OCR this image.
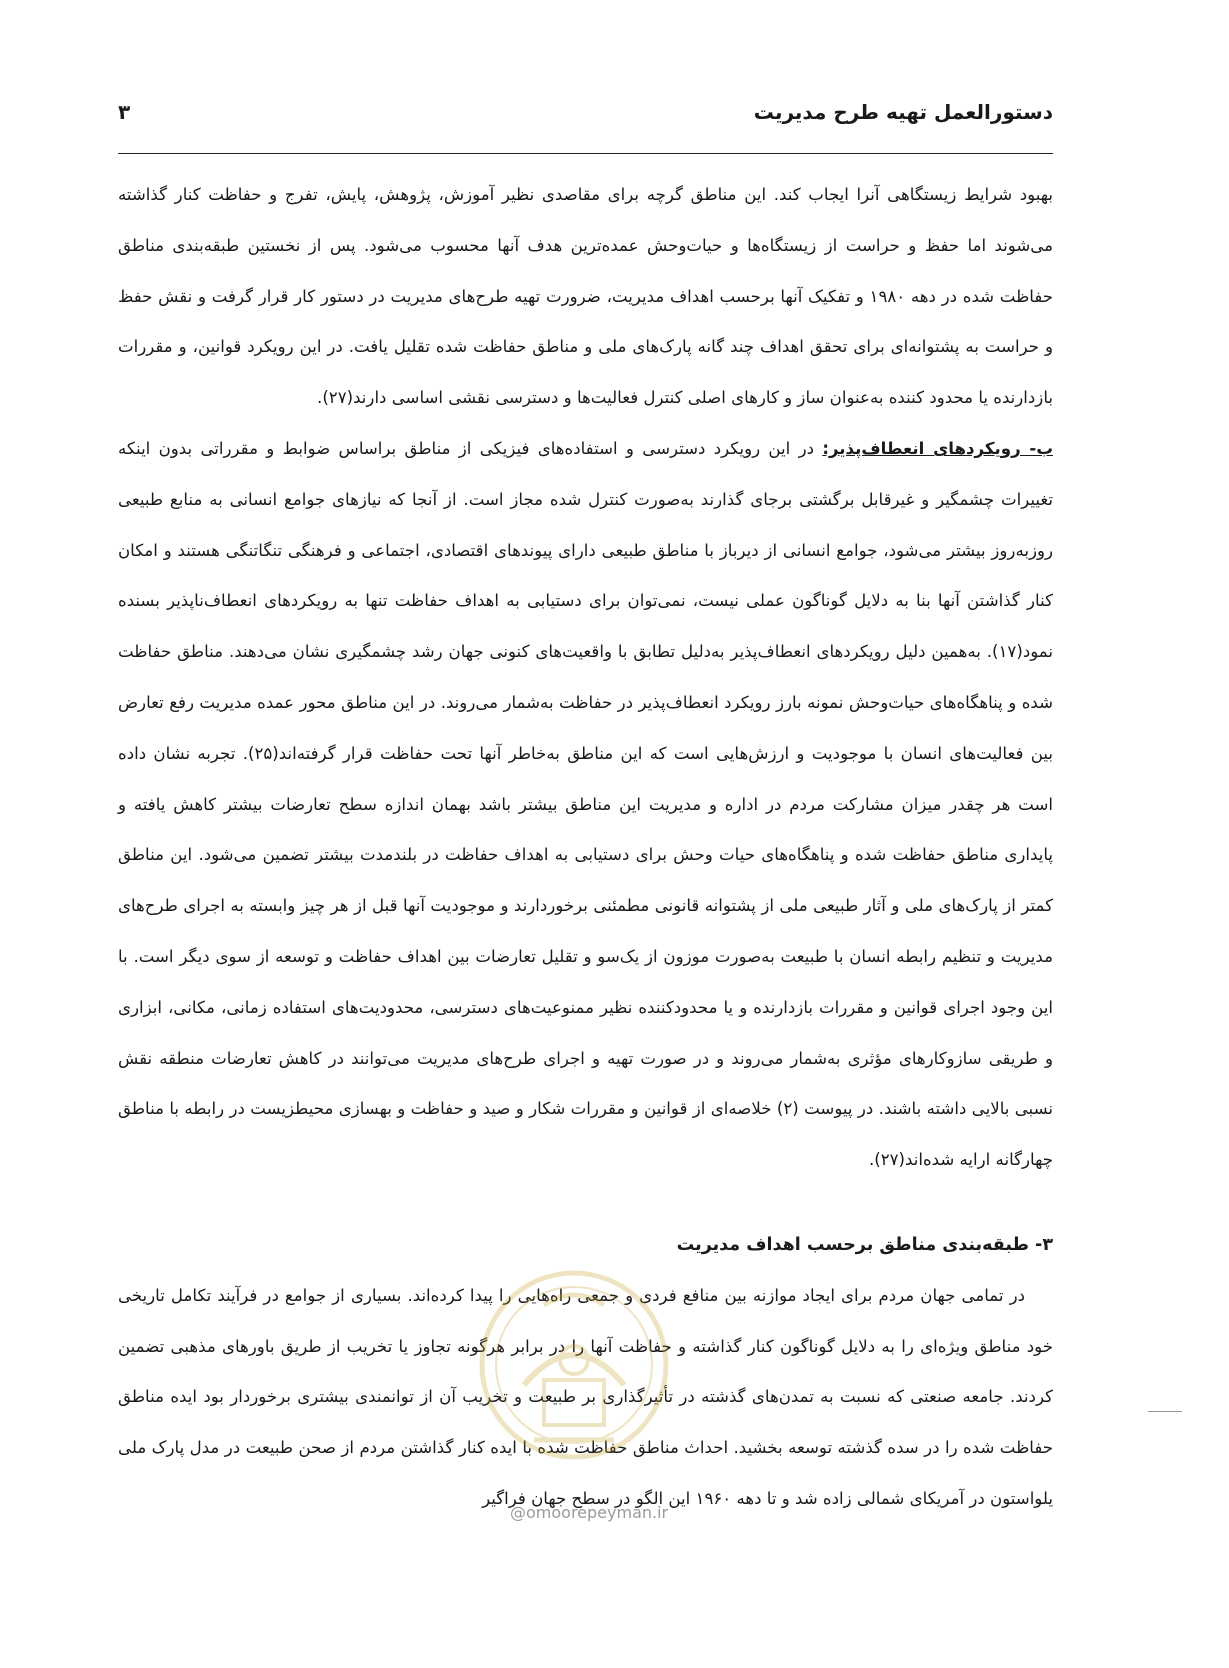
دستورالعمل تهیه طرح مدیریت
۳

بهبود شرایط زیستگاهی آنرا ایجاب کند. این مناطق گرچه برای مقاصدی نظیر آموزش، پژوهش، پایش، تفرج و حفاظت کنار گذاشته می‌شوند اما حفظ و حراست از زیستگاه‌ها و حیات‌وحش عمده‌ترین هدف آنها محسوب می‌شود. پس از نخستین طبقه‌بندی مناطق حفاظت شده در دهه ۱۹۸۰ و تفکیک آنها برحسب اهداف مدیریت، ضرورت تهیه طرح‌های مدیریت در دستور کار قرار گرفت و نقش حفظ و حراست به پشتوانه‌ای برای تحقق اهداف چند گانه پارک‌های ملی و مناطق حفاظت شده تقلیل یافت. در این رویکرد قوانین، و مقررات بازدارنده یا محدود کننده به‌عنوان ساز و کارهای اصلی کنترل فعالیت‌ها و دسترسی نقشی اساسی دارند(۲۷).

ب- رویکردهای انعطاف‌پذیر: در این رویکرد دسترسی و استفاده‌های فیزیکی از مناطق براساس ضوابط و مقرراتی بدون اینکه تغییرات چشمگیر و غیرقابل برگشتی برجای گذارند به‌صورت کنترل شده مجاز است. از آنجا که نیازهای جوامع انسانی به منابع طبیعی روزبه‌روز بیشتر می‌شود، جوامع انسانی از دیرباز با مناطق طبیعی دارای پیوندهای اقتصادی، اجتماعی و فرهنگی تنگاتنگی هستند و امکان کنار گذاشتن آنها بنا به دلایل گوناگون عملی نیست، نمی‌توان برای دستیابی به اهداف حفاظت تنها به رویکردهای انعطاف‌ناپذیر بسنده نمود(۱۷). به‌همین دلیل رویکردهای انعطاف‌پذیر به‌دلیل تطابق با واقعیت‌های کنونی جهان رشد چشمگیری نشان می‌دهند. مناطق حفاظت شده و پناهگاه‌های حیات‌وحش نمونه بارز رویکرد انعطاف‌پذیر در حفاظت به‌شمار می‌روند. در این مناطق محور عمده مدیریت رفع تعارض بین فعالیت‌های انسان با موجودیت و ارزش‌هایی است که این مناطق به‌خاطر آنها تحت حفاظت قرار گرفته‌اند(۲۵). تجربه نشان داده است هر چقدر میزان مشارکت مردم در اداره و مدیریت این مناطق بیشتر باشد بهمان اندازه سطح تعارضات بیشتر کاهش یافته و پایداری مناطق حفاظت شده و پناهگاه‌های حیات وحش برای دستیابی به اهداف حفاظت در بلندمدت بیشتر تضمین می‌شود. این مناطق کمتر از پارک‌های ملی و آثار طبیعی ملی از پشتوانه قانونی مطمئنی برخوردارند و موجودیت آنها قبل از هر چیز وابسته به اجرای طرح‌های مدیریت و تنظیم رابطه انسان با طبیعت به‌صورت موزون از یک‌سو و تقلیل تعارضات بین اهداف حفاظت و توسعه از سوی دیگر است. با این وجود اجرای قوانین و مقررات بازدارنده و یا محدودکننده نظیر ممنوعیت‌های دسترسی، محدودیت‌های استفاده زمانی، مکانی، ابزاری و طریقی سازوکارهای مؤثری به‌شمار می‌روند و در صورت تهیه و اجرای طرح‌های مدیریت می‌توانند در کاهش تعارضات منطقه نقش نسبی بالایی داشته باشند. در پیوست (۲) خلاصه‌ای از قوانین و مقررات شکار و صید و حفاظت و بهسازی محیطزیست در رابطه با مناطق چهارگانه ارایه شده‌اند(۲۷).

۳- طبقه‌بندی مناطق برحسب اهداف مدیریت

در تمامی جهان مردم برای ایجاد موازنه بین منافع فردی و جمعی راه‌هایی را پیدا کرده‌اند. بسیاری از جوامع در فرآیند تکامل تاریخی خود مناطق ویژه‌ای را به دلایل گوناگون کنار گذاشته و حفاظت آنها را در برابر هرگونه تجاوز یا تخریب از طریق باورهای مذهبی تضمین کردند. جامعه صنعتی که نسبت به تمدن‌های گذشته در تأثیرگذاری بر طبیعت و تخریب آن از توانمندی بیشتری برخوردار بود ایده مناطق حفاظت شده را در سده گذشته توسعه بخشید. احداث مناطق حفاظت شده با ایده کنار گذاشتن مردم از صحن طبیعت در مدل پارک ملی یلواستون در آمریکای شمالی زاده شد و تا دهه ۱۹۶۰ این الگو در سطح جهان فراگیر

@omoorepeyman.ir
